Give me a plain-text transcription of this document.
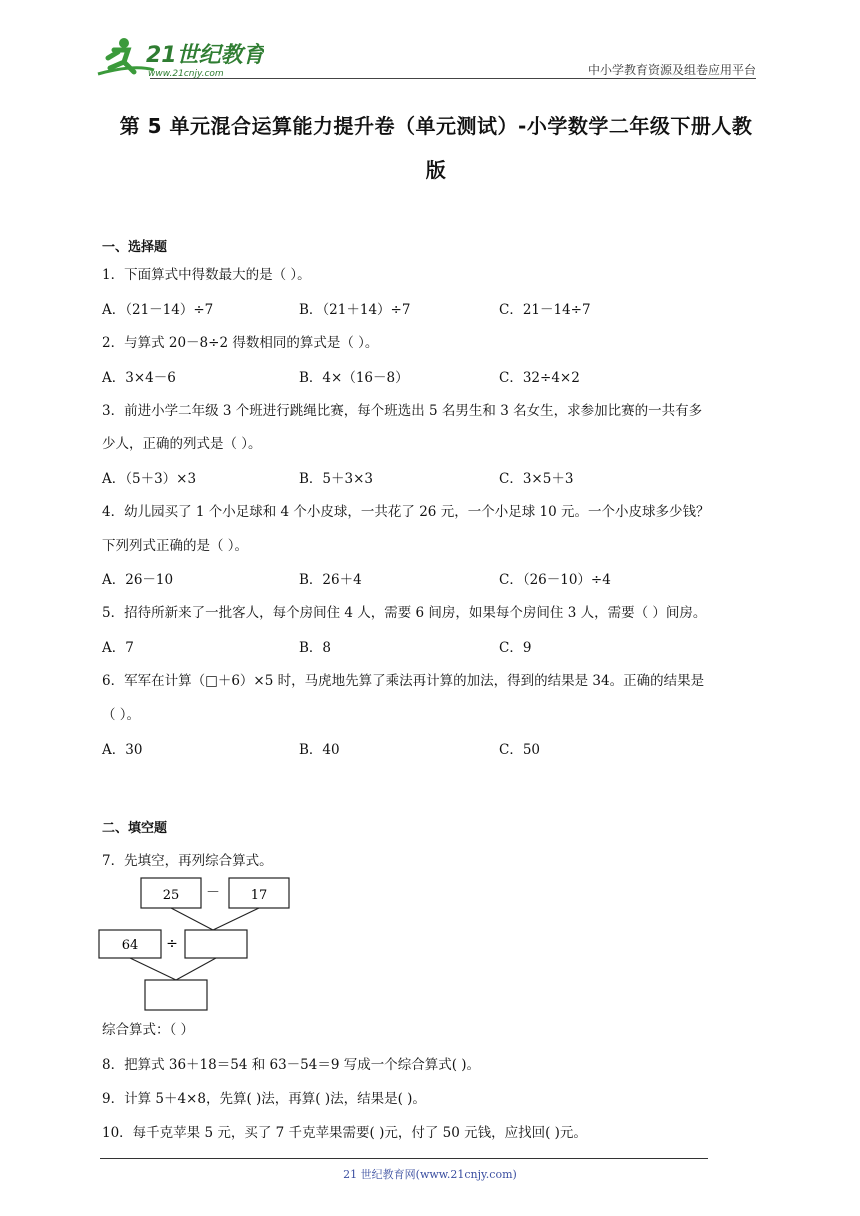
21世纪教育
www.21cnjy.com	中小学教育资源及组卷应用平台
第 5 单元混合运算能力提升卷（单元测试）-小学数学二年级下册人教
版
一、选择题
1．下面算式中得数最大的是（ ）。
A．（21－14）÷7	B．（21＋14）÷7	C．21－14÷7
2．与算式 20－8÷2 得数相同的算式是（ ）。
A．3×4－6	B．4×（16－8）	C．32÷4×2
3．前进小学二年级 3 个班进行跳绳比赛，每个班选出 5 名男生和 3 名女生，求参加比赛的一共有多
少人，正确的列式是（ ）。
A．（5＋3）×3	B．5＋3×3	C．3×5＋3
4．幼儿园买了 1 个小足球和 4 个小皮球，一共花了 26 元，一个小足球 10 元。一个小皮球多少钱？
下列列式正确的是（ ）。
A．26－10	B．26＋4	C．（26－10）÷4
5．招待所新来了一批客人，每个房间住 4 人，需要 6 间房，如果每个房间住 3 人，需要（ ）间房。
A．7	B．8	C．9
6．军军在计算（□＋6）×5 时，马虎地先算了乘法再计算的加法，得到的结果是 34。正确的结果是
（ ）。
A．30	B．40	C．50
二、填空题
7．先填空，再列综合算式。
25 － 17
64 ÷
综合算式：（ ）
8．把算式 36＋18＝54 和 63－54＝9 写成一个综合算式( )。
9．计算 5＋4×8，先算( )法，再算( )法，结果是( )。
10．每千克苹果 5 元，买了 7 千克苹果需要( )元，付了 50 元钱，应找回( )元。
21 世纪教育网(www.21cnjy.com)
